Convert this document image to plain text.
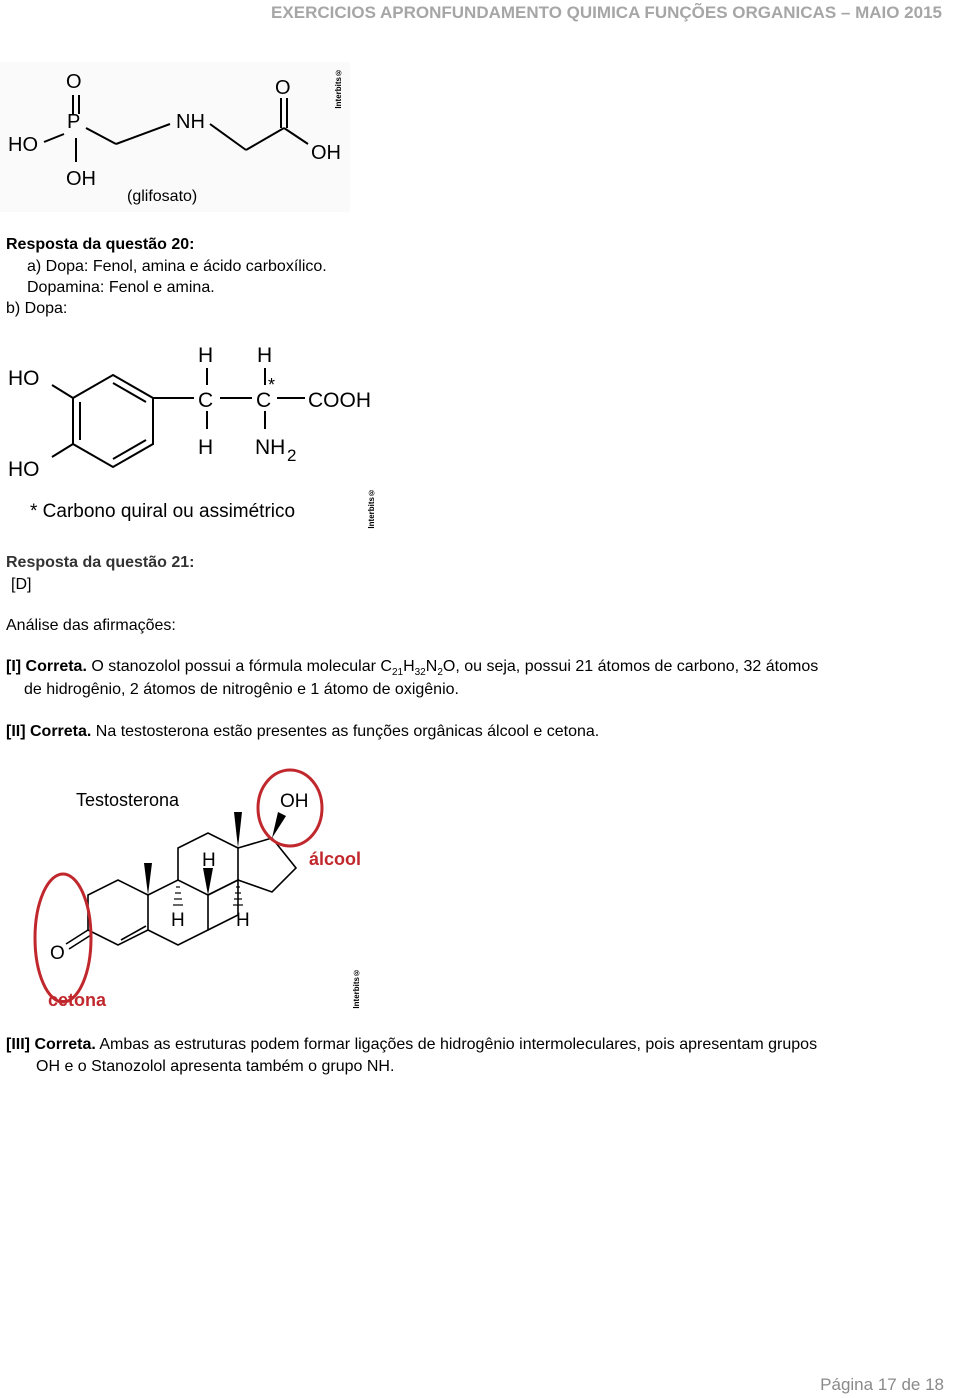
EXERCICIOS APRONFUNDAMENTO QUIMICA FUNÇÕES ORGANICAS – MAIO 2015
O
P
HO
OH
NH
O
OH
(glifosato)
Interbits®
Resposta da questão 20:
a) Dopa: Fenol, amina e ácido carboxílico.
Dopamina: Fenol e amina.
b) Dopa:
HO
HO
H H
C C
*
COOH
H NH 2
* Carbono quiral ou assimétrico	Interbits®
Resposta da questão 21:
[D]
Análise das afirmações:
[I] Correta. O stanozolol possui a fórmula molecular $C_{21}H_{32}N_2O$, ou seja, possui 21 átomos de carbono, 32 átomos
de hidrogênio, 2 átomos de nitrogênio e 1 átomo de oxigênio.
[II] Correta. Na testosterona estão presentes as funções orgânicas álcool e cetona.
Testosterona	OH
H
H	H
O
álcool
cetona	Interbits®
[III] Correta. Ambas as estruturas podem formar ligações de hidrogênio intermoleculares, pois apresentam grupos
OH e o Stanozolol apresenta também o grupo NH.
Página 17 de 18
